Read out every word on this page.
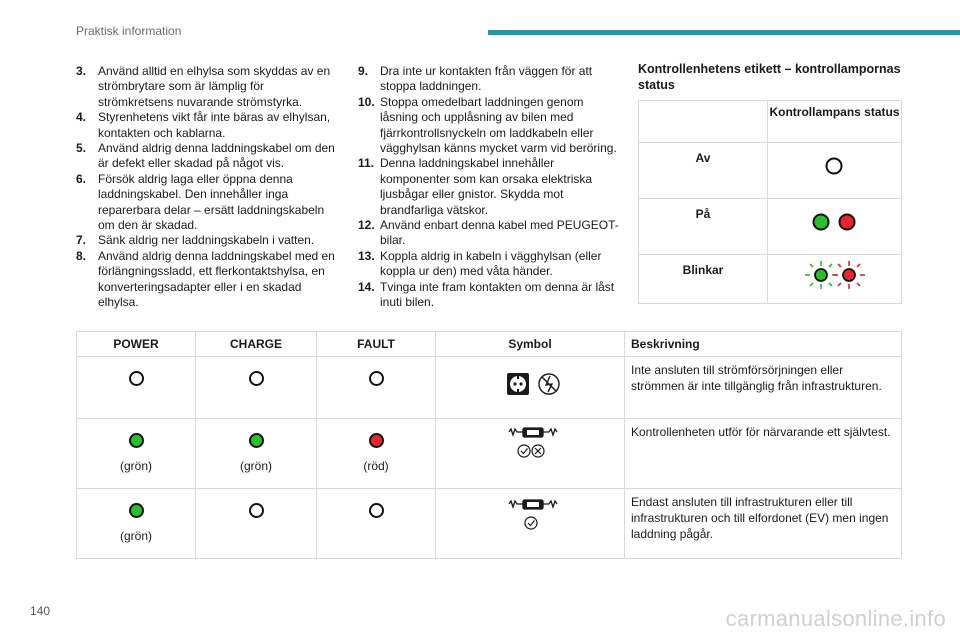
Praktisk information
3. Använd alltid en elhylsa som skyddas av en strömbrytare som är lämplig för strömkretsens nuvarande strömstyrka.
4. Styrenhetens vikt får inte bäras av elhylsan, kontakten och kablarna.
5. Använd aldrig denna laddningskabel om den är defekt eller skadad på något vis.
6. Försök aldrig laga eller öppna denna laddningskabel. Den innehåller inga reparerbara delar – ersätt laddningskabeln om den är skadad.
7. Sänk aldrig ner laddningskabeln i vatten.
8. Använd aldrig denna laddningskabel med en förlängningssladd, ett flerkontaktshylsa, en konverteringsadapter eller i en skadad elhylsa.
9. Dra inte ur kontakten från väggen för att stoppa laddningen.
10. Stoppa omedelbart laddningen genom låsning och upplåsning av bilen med fjärrkontrollsnyckeln om laddkabeln eller vägghylsan känns mycket varm vid beröring.
11. Denna laddningskabel innehåller komponenter som kan orsaka elektriska ljusbågar eller gnistor. Skydda mot brandfarliga vätskor.
12. Använd enbart denna kabel med PEUGEOT-bilar.
13. Koppla aldrig in kabeln i vägghylsan (eller koppla ur den) med våta händer.
14. Tvinga inte fram kontakten om denna är låst inuti bilen.
Kontrollenhetens etikett – kontrollampornas status
	Kontrollampans status
Av	
På	
Blinkar	
POWER	CHARGE	FAULT	Symbol	Beskrivning
				Inte ansluten till strömförsörjningen eller strömmen är inte tillgänglig från infrastrukturen.

(grön)	(grön)	(röd)		Kontrollenheten utför för närvarande ett självtest.

(grön)				Endast ansluten till infrastrukturen eller till infrastrukturen och till elfordonet (EV) men ingen laddning pågår.
140	carmanualsonline.info
